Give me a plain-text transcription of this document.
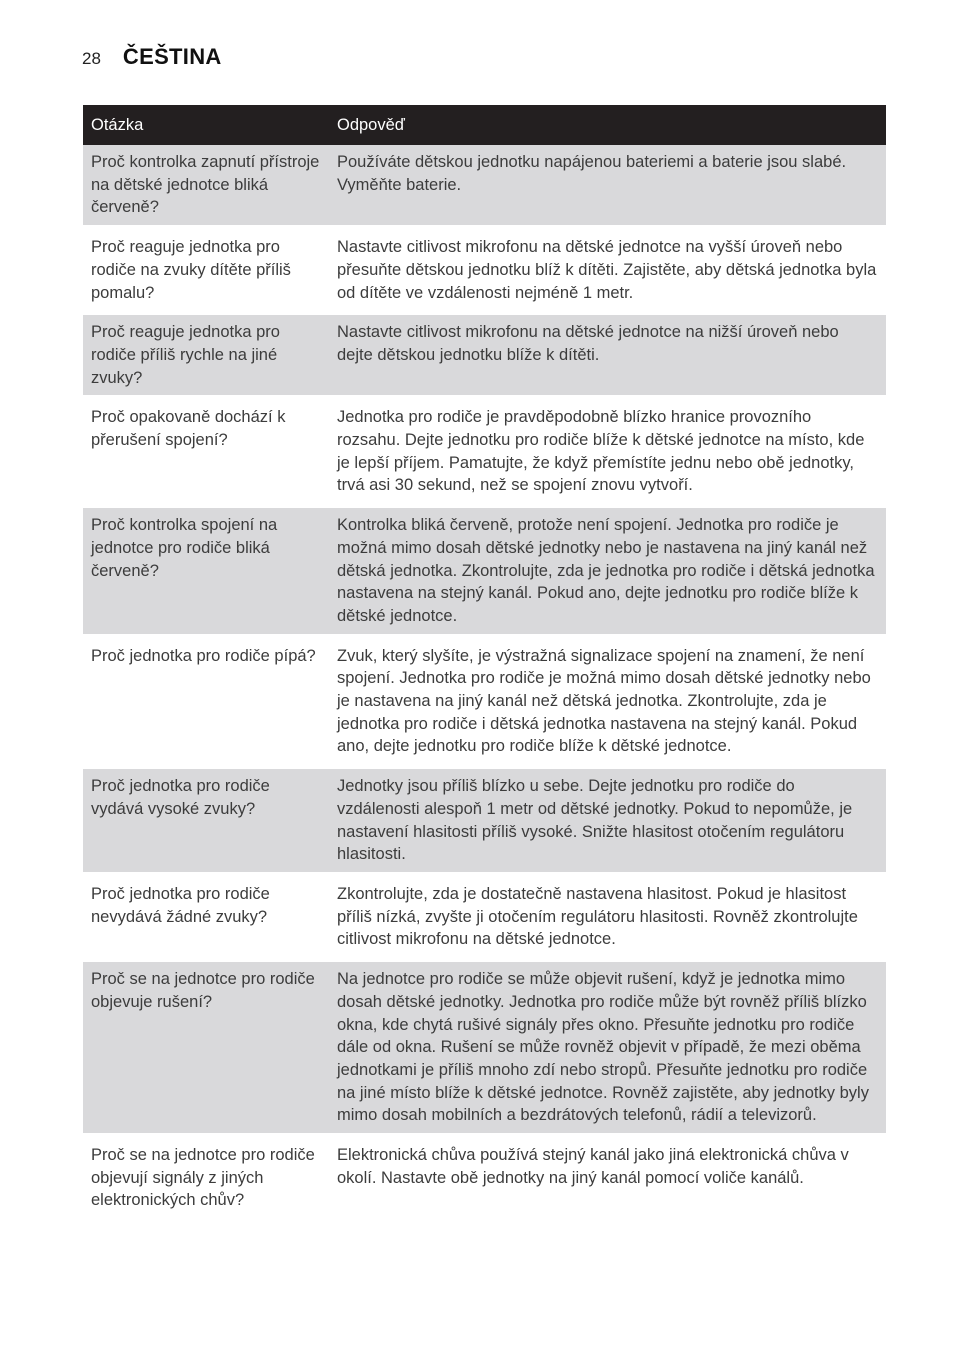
28 ČEŠTINA
Otázka	Odpověď
Proč kontrolka zapnutí přístroje na dětské jednotce bliká červeně?	Používáte dětskou jednotku napájenou bateriemi a baterie jsou slabé. Vyměňte baterie.

Proč reaguje jednotka pro rodiče na zvuky dítěte příliš pomalu?	Nastavte citlivost mikrofonu na dětské jednotce na vyšší úroveň nebo přesuňte dětskou jednotku blíž k dítěti. Zajistěte, aby dětská jednotka byla od dítěte ve vzdálenosti nejméně 1 metr.

Proč reaguje jednotka pro rodiče příliš rychle na jiné zvuky?	Nastavte citlivost mikrofonu na dětské jednotce na nižší úroveň nebo dejte dětskou jednotku blíže k dítěti.

Proč opakovaně dochází k přerušení spojení?	Jednotka pro rodiče je pravděpodobně blízko hranice provozního rozsahu. Dejte jednotku pro rodiče blíže k dětské jednotce na místo, kde je lepší příjem. Pamatujte, že když přemístíte jednu nebo obě jednotky, trvá asi 30 sekund, než se spojení znovu vytvoří.

Proč kontrolka spojení na jednotce pro rodiče bliká červeně?	Kontrolka bliká červeně, protože není spojení. Jednotka pro rodiče je možná mimo dosah dětské jednotky nebo je nastavena na jiný kanál než dětská jednotka. Zkontrolujte, zda je jednotka pro rodiče i dětská jednotka nastavena na stejný kanál. Pokud ano, dejte jednotku pro rodiče blíže k dětské jednotce.

Proč jednotka pro rodiče pípá?	Zvuk, který slyšíte, je výstražná signalizace spojení na znamení, že není spojení. Jednotka pro rodiče je možná mimo dosah dětské jednotky nebo je nastavena na jiný kanál než dětská jednotka. Zkontrolujte, zda je jednotka pro rodiče i dětská jednotka nastavena na stejný kanál. Pokud ano, dejte jednotku pro rodiče blíže k dětské jednotce.

Proč jednotka pro rodiče vydává vysoké zvuky?	Jednotky jsou příliš blízko u sebe. Dejte jednotku pro rodiče do vzdálenosti alespoň 1 metr od dětské jednotky. Pokud to nepomůže, je nastavení hlasitosti příliš vysoké. Snižte hlasitost otočením regulátoru hlasitosti.

Proč jednotka pro rodiče nevydává žádné zvuky?	Zkontrolujte, zda je dostatečně nastavena hlasitost. Pokud je hlasitost příliš nízká, zvyšte ji otočením regulátoru hlasitosti. Rovněž zkontrolujte citlivost mikrofonu na dětské jednotce.

Proč se na jednotce pro rodiče objevuje rušení?	Na jednotce pro rodiče se může objevit rušení, když je jednotka mimo dosah dětské jednotky. Jednotka pro rodiče může být rovněž příliš blízko okna, kde chytá rušivé signály přes okno. Přesuňte jednotku pro rodiče dále od okna. Rušení se může rovněž objevit v případě, že mezi oběma jednotkami je příliš mnoho zdí nebo stropů. Přesuňte jednotku pro rodiče na jiné místo blíže k dětské jednotce. Rovněž zajistěte, aby jednotky byly mimo dosah mobilních a bezdrátových telefonů, rádií a televizorů.

Proč se na jednotce pro rodiče objevují signály z jiných elektronických chův?	Elektronická chůva používá stejný kanál jako jiná elektronická chůva v okolí. Nastavte obě jednotky na jiný kanál pomocí voliče kanálů.
